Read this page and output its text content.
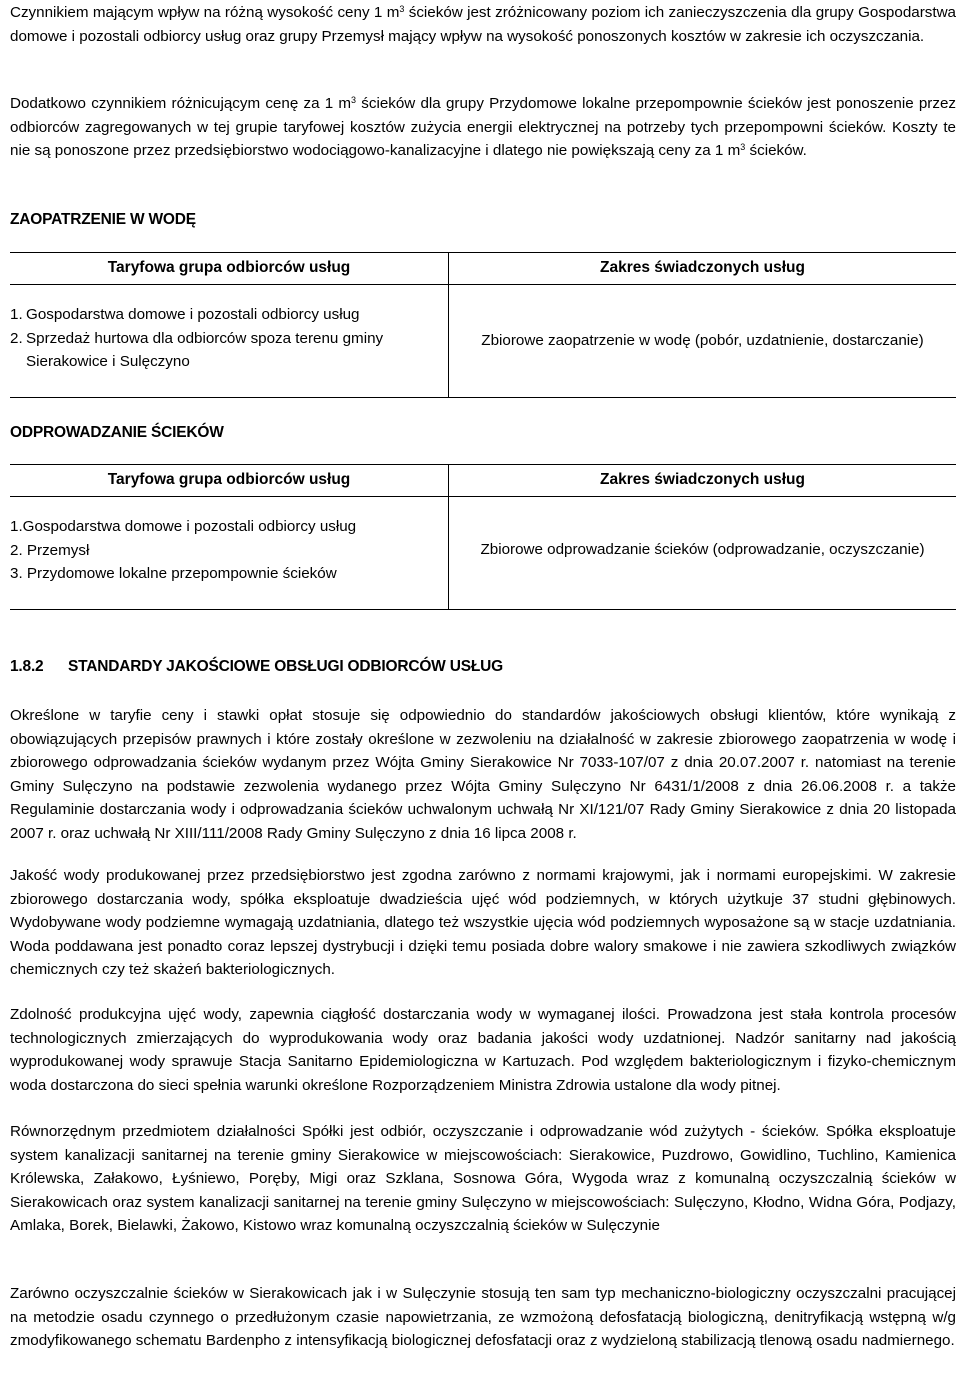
Czynnikiem mającym wpływ na różną wysokość ceny 1 $m^3$ ścieków jest zróżnicowany poziom ich zanieczyszczenia dla grupy Gospodarstwa domowe i pozostali odbiorcy usług oraz grupy Przemysł mający wpływ na wysokość ponoszonych kosztów w zakresie ich oczyszczania.

Dodatkowo czynnikiem różnicującym cenę za 1 $m^3$ ścieków dla grupy Przydomowe lokalne przepompownie ścieków jest ponoszenie przez odbiorców zagregowanych w tej grupie taryfowej kosztów zużycia energii elektrycznej na potrzeby tych przepompowni ścieków. Koszty te nie są ponoszone przez przedsiębiorstwo wodociągowo-kanalizacyjne i dlatego nie powiększają ceny za 1 $m^3$ ścieków.

ZAOPATRZENIE W WODĘ
Taryfowa grupa odbiorców usług	Zakres świadczonych usług
1. Gospodarstwa domowe i pozostali odbiorcy usług
2. Sprzedaż hurtowa dla odbiorców spoza terenu gminy Sierakowice i Sulęczyno
Zbiorowe zaopatrzenie w wodę (pobór, uzdatnienie, dostarczanie)
ODPROWADZANIE ŚCIEKÓW
Taryfowa grupa odbiorców usług	Zakres świadczonych usług
1.Gospodarstwa domowe i pozostali odbiorcy usług
2. Przemysł
3. Przydomowe lokalne przepompownie ścieków
Zbiorowe odprowadzanie ścieków (odprowadzanie, oczyszczanie)
1.8.2 STANDARDY JAKOŚCIOWE OBSŁUGI ODBIORCÓW USŁUG

Określone w taryfie ceny i stawki opłat stosuje się odpowiednio do standardów jakościowych obsługi klientów, które wynikają z obowiązujących przepisów prawnych i które zostały określone w zezwoleniu na działalność w zakresie zbiorowego zaopatrzenia w wodę i zbiorowego odprowadzania ścieków wydanym przez Wójta Gminy Sierakowice Nr 7033-107/07 z dnia 20.07.2007 r. natomiast na terenie Gminy Sulęczyno na podstawie zezwolenia wydanego przez Wójta Gminy Sulęczyno Nr 6431/1/2008 z dnia 26.06.2008 r. a także Regulaminie dostarczania wody i odprowadzania ścieków uchwalonym uchwałą Nr XI/121/07 Rady Gminy Sierakowice z dnia 20 listopada 2007 r. oraz uchwałą Nr XIII/111/2008 Rady Gminy Sulęczyno z dnia 16 lipca 2008 r.

Jakość wody produkowanej przez przedsiębiorstwo jest zgodna zarówno z normami krajowymi, jak i normami europejskimi. W zakresie zbiorowego dostarczania wody, spółka eksploatuje dwadzieścia ujęć wód podziemnych, w których użytkuje 37 studni głębinowych. Wydobywane wody podziemne wymagają uzdatniania, dlatego też wszystkie ujęcia wód podziemnych wyposażone są w stacje uzdatniania. Woda poddawana jest ponadto coraz lepszej dystrybucji i dzięki temu posiada dobre walory smakowe i nie zawiera szkodliwych związków chemicznych czy też skażeń bakteriologicznych.

Zdolność produkcyjna ujęć wody, zapewnia ciągłość dostarczania wody w wymaganej ilości. Prowadzona jest stała kontrola procesów technologicznych zmierzających do wyprodukowania wody oraz badania jakości wody uzdatnionej. Nadzór sanitarny nad jakością wyprodukowanej wody sprawuje Stacja Sanitarno Epidemiologiczna w Kartuzach. Pod względem bakteriologicznym i fizyko-chemicznym woda dostarczona do sieci spełnia warunki określone Rozporządzeniem Ministra Zdrowia ustalone dla wody pitnej.

Równorzędnym przedmiotem działalności Spółki jest odbiór, oczyszczanie i odprowadzanie wód zużytych - ścieków. Spółka eksploatuje system kanalizacji sanitarnej na terenie gminy Sierakowice w miejscowościach: Sierakowice, Puzdrowo, Gowidlino, Tuchlino, Kamienica Królewska, Załakowo, Łyśniewo, Poręby, Migi oraz Szklana, Sosnowa Góra, Wygoda wraz z komunalną oczyszczalnią ścieków w Sierakowicach oraz system kanalizacji sanitarnej na terenie gminy Sulęczyno w miejscowościach: Sulęczyno, Kłodno, Widna Góra, Podjazy, Amlaka, Borek, Bielawki, Żakowo, Kistowo wraz komunalną oczyszczalnią ścieków w Sulęczynie

Zarówno oczyszczalnie ścieków w Sierakowicach jak i w Sulęczynie stosują ten sam typ mechaniczno-biologiczny oczyszczalni pracującej na metodzie osadu czynnego o przedłużonym czasie napowietrzania, ze wzmożoną defosfatacją biologiczną, denitryfikacją wstępną w/g zmodyfikowanego schematu Bardenpho z intensyfikacją biologicznej defosfatacji oraz z wydzieloną stabilizacją tlenową osadu nadmiernego.
